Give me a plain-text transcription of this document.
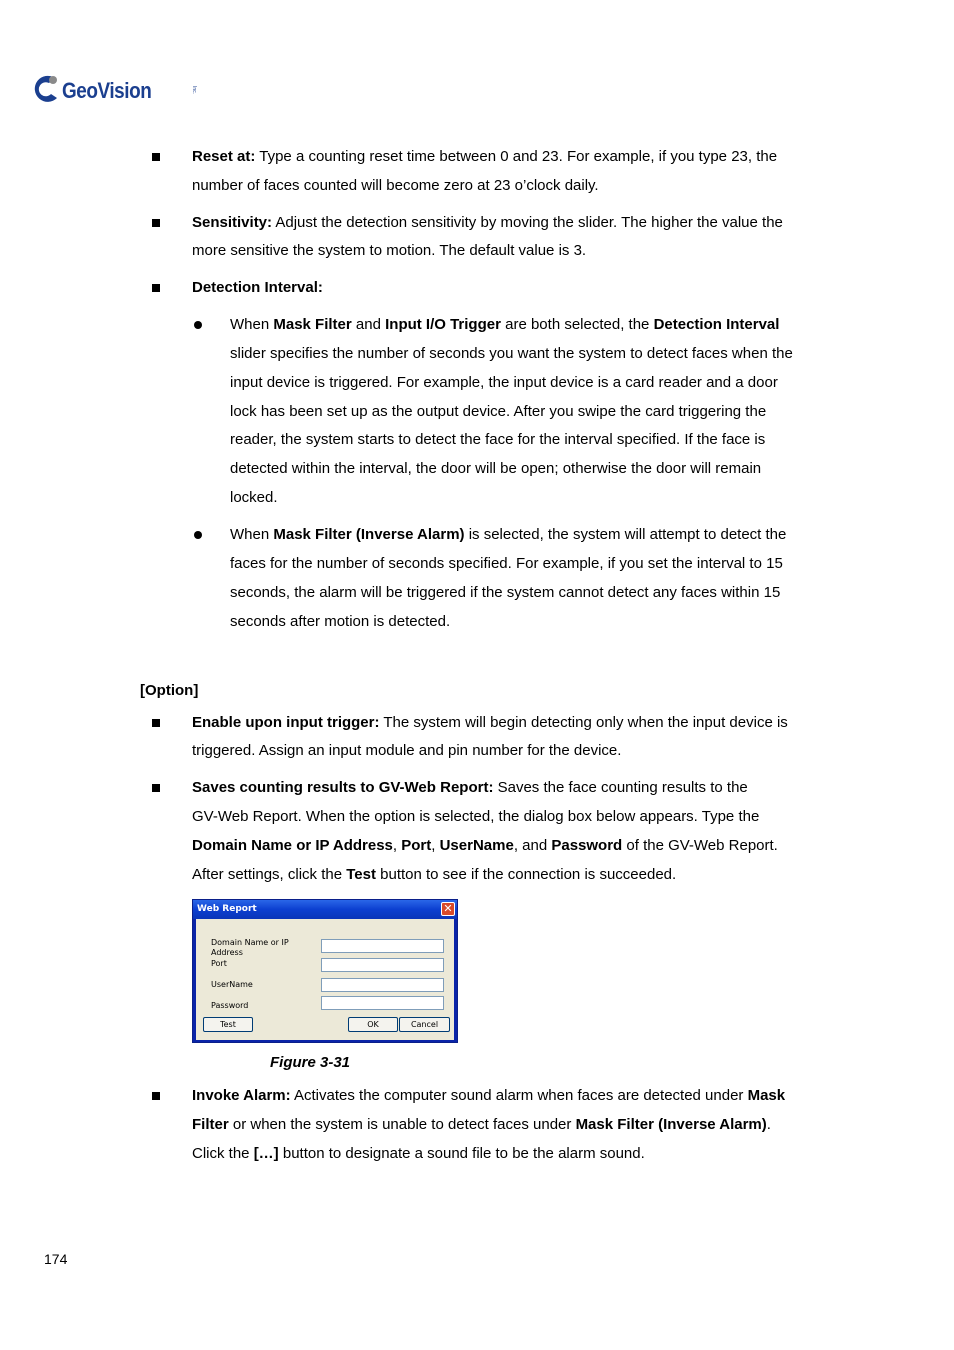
GeoVision	Inc.
Reset at: Type a counting reset time between 0 and 23. For example, if you type 23, the
number of faces counted will become zero at 23 o’clock daily.
Sensitivity: Adjust the detection sensitivity by moving the slider. The higher the value the
more sensitive the system to motion. The default value is 3.
Detection Interval:
When Mask Filter and Input I/O Trigger are both selected, the Detection Interval
slider specifies the number of seconds you want the system to detect faces when the
input device is triggered. For example, the input device is a card reader and a door
lock has been set up as the output device. After you swipe the card triggering the
reader, the system starts to detect the face for the interval specified. If the face is
detected within the interval, the door will be open; otherwise the door will remain
locked.
When Mask Filter (Inverse Alarm) is selected, the system will attempt to detect the
faces for the number of seconds specified. For example, if you set the interval to 15
seconds, the alarm will be triggered if the system cannot detect any faces within 15
seconds after motion is detected.
[Option]
Enable upon input trigger: The system will begin detecting only when the input device is
triggered. Assign an input module and pin number for the device.
Saves counting results to GV-Web Report: Saves the face counting results to the
GV-Web Report. When the option is selected, the dialog box below appears. Type the
Domain Name or IP Address, Port, UserName, and Password of the GV-Web Report.
After settings, click the Test button to see if the connection is succeeded.
Web Report	✕
Domain Name or IP
Address
Port
UserName
Password
Test	OK	Cancel
Figure 3-31
Invoke Alarm: Activates the computer sound alarm when faces are detected under Mask
Filter or when the system is unable to detect faces under Mask Filter (Inverse Alarm).
Click the […] button to designate a sound file to be the alarm sound.
174
